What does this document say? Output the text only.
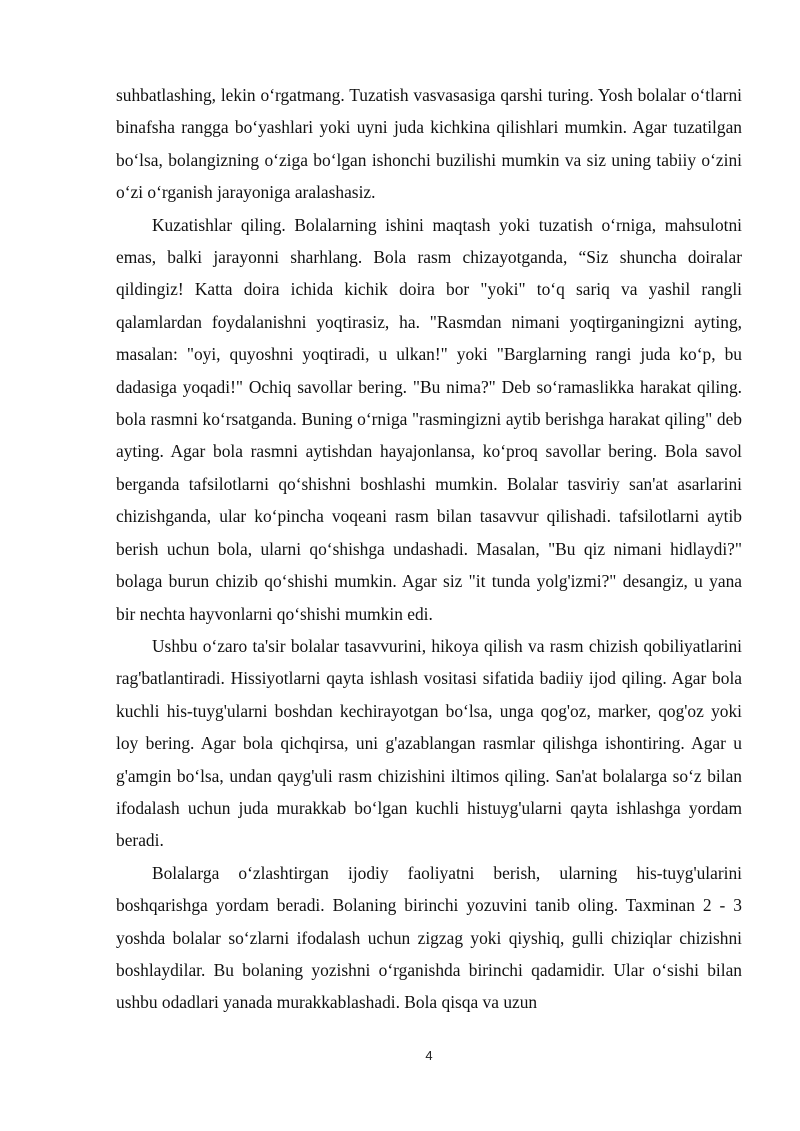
suhbatlashing, lekin o‘rgatmang. Tuzatish vasvasasiga qarshi turing. Yosh bolalar o‘tlarni binafsha rangga bo‘yashlari yoki uyni juda kichkina qilishlari mumkin. Agar tuzatilgan bo‘lsa, bolangizning o‘ziga bo‘lgan ishonchi buzilishi mumkin va siz uning tabiiy o‘zini o‘zi o‘rganish jarayoniga aralashasiz.

Kuzatishlar qiling. Bolalarning ishini maqtash yoki tuzatish o‘rniga, mahsulotni emas, balki jarayonni sharhlang. Bola rasm chizayotganda, “Siz shuncha doiralar qildingiz! Katta doira ichida kichik doira bor "yoki" to‘q sariq va yashil rangli qalamlardan foydalanishni yoqtirasiz, ha. "Rasmdan nimani yoqtirganingizni ayting, masalan: "oyi, quyoshni yoqtiradi, u ulkan!" yoki "Barglarning rangi juda ko‘p, bu dadasiga yoqadi!" Ochiq savollar bering. "Bu nima?" Deb so‘ramaslikka harakat qiling. bola rasmni ko‘rsatganda. Buning o‘rniga "rasmingizni aytib berishga harakat qiling" deb ayting. Agar bola rasmni aytishdan hayajonlansa, ko‘proq savollar bering. Bola savol berganda tafsilotlarni qo‘shishni boshlashi mumkin. Bolalar tasviriy san'at asarlarini chizishganda, ular ko‘pincha voqeani rasm bilan tasavvur qilishadi. tafsilotlarni aytib berish uchun bola, ularni qo‘shishga undashadi. Masalan, "Bu qiz nimani hidlaydi?" bolaga burun chizib qo‘shishi mumkin. Agar siz "it tunda yolg'izmi?" desangiz, u yana bir nechta hayvonlarni qo‘shishi mumkin edi.

Ushbu o‘zaro ta'sir bolalar tasavvurini, hikoya qilish va rasm chizish qobiliyatlarini rag'batlantiradi. Hissiyotlarni qayta ishlash vositasi sifatida badiiy ijod qiling. Agar bola kuchli his-tuyg'ularni boshdan kechirayotgan bo‘lsa, unga qog'oz, marker, qog'oz yoki loy bering. Agar bola qichqirsa, uni g'azablangan rasmlar qilishga ishontiring. Agar u g'amgin bo‘lsa, undan qayg'uli rasm chizishini iltimos qiling. San'at bolalarga so‘z bilan ifodalash uchun juda murakkab bo‘lgan kuchli histuyg'ularni qayta ishlashga yordam beradi.

Bolalarga o‘zlashtirgan ijodiy faoliyatni berish, ularning his-tuyg'ularini boshqarishga yordam beradi. Bolaning birinchi yozuvini tanib oling. Taxminan 2 - 3 yoshda bolalar so‘zlarni ifodalash uchun zigzag yoki qiyshiq, gulli chiziqlar chizishni boshlaydilar. Bu bolaning yozishni o‘rganishda birinchi qadamidir. Ular o‘sishi bilan ushbu odadlari yanada murakkablashadi. Bola qisqa va uzun

4
